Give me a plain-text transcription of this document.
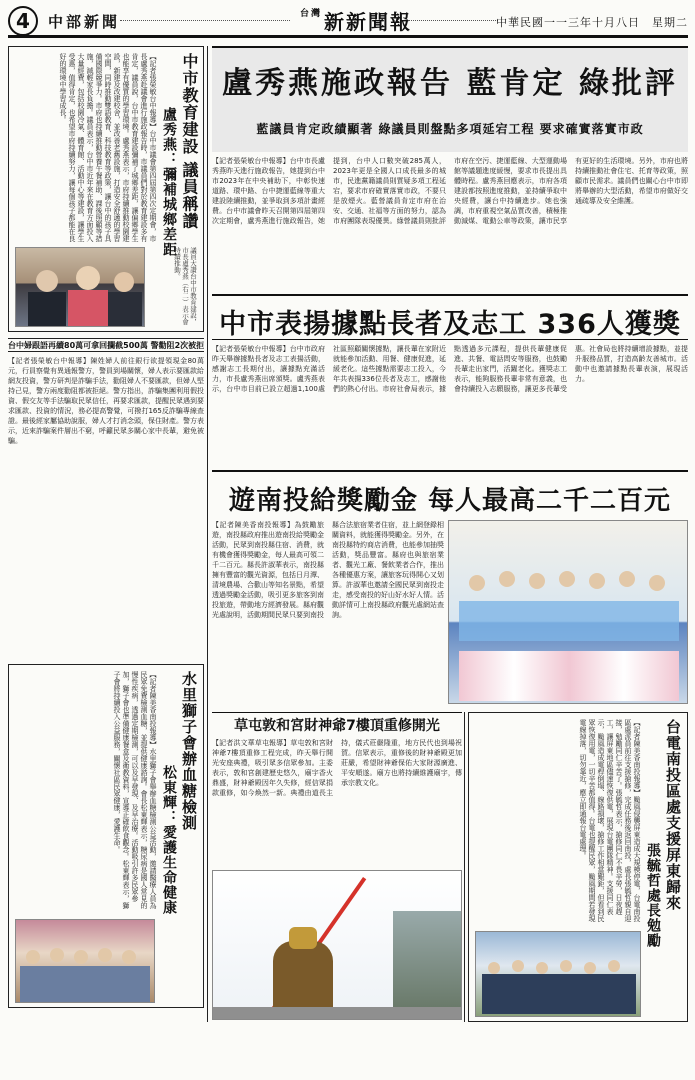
4	中部新聞	$^{台灣}$ 新新聞報	中華民國一一三年十月八日　星期二
中市教育建設 議員稱讚
盧秀燕：彌補城鄉差距
【記者張榮敏台中報導】台中市議會第四屆第四次定期會，市長盧秀燕赴議會進行施政報告時，市議員們對於教育建設多有肯定，議員說，台中市教育建設彌補了城鄉差距，讓偏鄉學生也能享有優質的學習環境。盧秀燕表示，市府持續推動校園建設，新建及改建校舍，並改善老舊設施，打造安全舒適的學習空間，同時推動雙語教育、科技教育等政策，讓台中的孩子具備國際競爭力。市府也持續推動營養午餐補助、課後照顧等措施，減輕家長負擔。議員表示，台中市近年來在教育方面投入大量經費，包括校園冷氣、體育館、活動中心等建設，讓學生受惠，值得肯定，也希望市府持續努力，讓每個孩子都能在良好的環境中學習成長。
議員大讚台中市教育建設，市長盧秀燕（右二）表示會持續推動。
盧秀燕施政報告 藍肯定 綠批評
藍議員肯定政績顯著 綠議員則盤點多項延宕工程 要求確實落實市政
【記者張榮敏台中報導】台中市長盧秀燕昨天進行施政報告，她提到台中市2023年在中央補助下，中彰快速道路、環中路、台中捷運藍線等重大建設陸續推動，並爭取到多項計畫經費。台中市議會昨天召開第四屆第四次定期會，盧秀燕進行施政報告，她提到，台中人口數突破285萬人，2023年更是全國人口成長最多的城市，民進黨籍議員則質疑多項工程延宕，要求市府確實落實市政，不要只是放煙火。藍營議員肯定市府在治安、交通、社福等方面的努力，認為市府團隊表現優異。綠營議員則批評市府在空污、捷運藍線、大型運動場館等議題進度緩慢，要求市長提出具體時程。盧秀燕回應表示，市府各項建設都按照進度推動，並持續爭取中央經費，讓台中持續進步。她也強調，市府重視空氣品質改善，積極推動減煤、電動公車等政策，讓市民享有更好的生活環境。另外，市府也將持續推動社會住宅、托育等政策，照顧市民需求。議員們也關心台中市即將舉辦的大型活動，希望市府做好交通疏導及安全維護。
中市表揚據點長者及志工 336人獲獎
【記者張榮敏台中報導】台中市政府昨天舉辦據點長者及志工表揚活動，感謝志工長期付出，讓據點充滿活力，市長盧秀燕出席頒獎。盧秀燕表示，台中市目前已設立超過1,100處社區照顧關懷據點，讓長輩在家附近就能參加活動、用餐、健康促進，延緩老化。這些據點需要志工投入，今年共表揚336位長者及志工，感謝他們的熱心付出。市府社會局表示，據點透過多元課程，提供長輩健康促進、共餐、電話問安等服務，也鼓勵長輩走出家門，活躍老化。獲獎志工表示，能夠服務長輩非常有意義，也會持續投入志願服務，讓更多長輩受惠。社會局也將持續增設據點，並提升服務品質，打造高齡友善城市。活動中也邀請據點長輩表演，展現活力。
台中婦跟語再續80萬可拿回攔截500萬 警勸阻2次被拒
【記者張榮敏台中報導】陳姓婦人前往銀行欲提領現金80萬元，行員察覺有異通報警方，警員到場關懷，婦人表示要匯款給網友投資，警方研判是詐騙手法，勸阻婦人不要匯款，但婦人堅持己見，警方兩度勸阻都被拒絕。警方指出，詐騙集團利用假投資、假交友等手法騙取民眾信任，再要求匯款，提醒民眾遇到要求匯款、投資的情況，務必提高警覺，可撥打165反詐騙專線查證。最後經家屬協助說服，婦人才打消念頭，保住財產。警方表示，近來詐騙案件層出不窮，呼籲民眾多關心家中長輩，避免被騙。
遊南投給獎勵金 每人最高二千二百元
【記者陳美香南投報導】為鼓勵旅遊，南投縣政府推出遊南投給獎勵金活動，民眾到南投縣住宿、消費，就有機會獲得獎勵金，每人最高可領二千二百元。縣長許淑華表示，南投縣擁有豐富的觀光資源，包括日月潭、清境農場、合歡山等知名景點，希望透過獎勵金活動，吸引更多旅客到南投旅遊，帶動地方經濟發展。縣府觀光處說明，活動期間民眾只要到南投縣合法旅宿業者住宿，並上網登錄相關資料，就能獲得獎勵金。另外，在南投縣特約商店消費，也能參加抽獎活動，獎品豐富。縣府也與旅宿業者、觀光工廠、餐飲業者合作，推出各種優惠方案，讓旅客玩得開心又划算。許淑華也邀請全國民眾到南投走走，感受南投的好山好水好人情。活動詳情可上南投縣政府觀光處網站查詢。
水里獅子會辦血糖檢測
松東輝：愛護生命健康
【記者陳美香南投報導】水里獅子會舉辦血糖檢測公益活動，邀請醫療人員為民眾免費檢測血糖，並提供健康諮詢。會長松東輝表示，糖尿病是國人常見的慢性疾病，透過定期檢測，可以及早發現、及早治療。活動吸引許多民眾參加，獅子會也準備健康餐盒及衛教資料，宣導正確飲食觀念。松東輝表示，獅子會將持續投入公益服務，關懷社區民眾健康，愛護生命。	草屯敦和宮財神爺7樓頂重修開光
【記者洪文華草屯報導】草屯敦和宮財神爺7樓頂重修工程完成，昨天舉行開光安座典禮，吸引眾多信眾參加。主委表示，敦和宮創建歷史悠久，廟宇香火鼎盛，財神爺殿因年久失修，經信眾捐款重修，如今煥然一新。典禮由道長主持，儀式莊嚴隆重，地方民代也到場祝賀。信眾表示，重修後的財神爺殿更加莊嚴，希望財神爺保佑大家財源廣進、平安順遂。廟方也將持續維護廟宇，傳承宗教文化。	台電南投區處支援屏東歸來
張毓哲處長勉勵
【記者陳美香南投報導】颱風侵襲屏東造成大規模停電，台電南投區處派員前往支援搶修，完成任務後返回南投，處長張毓哲親自迎接，勉勵同仁辛苦了。張毓哲表示，搶修同仁不畏辛勞，日夜趕工，讓屏東地區儘速恢復供電，展現台電團隊精神。支援同仁表示，颱風造成電桿倒塌、線路損壞，搶修工作相當艱鉅，但看到民眾恢復用電，一切辛苦都值得。台電也提醒民眾，颱風期間若發現電線掉落，切勿靠近，應立即通報台電處理。
